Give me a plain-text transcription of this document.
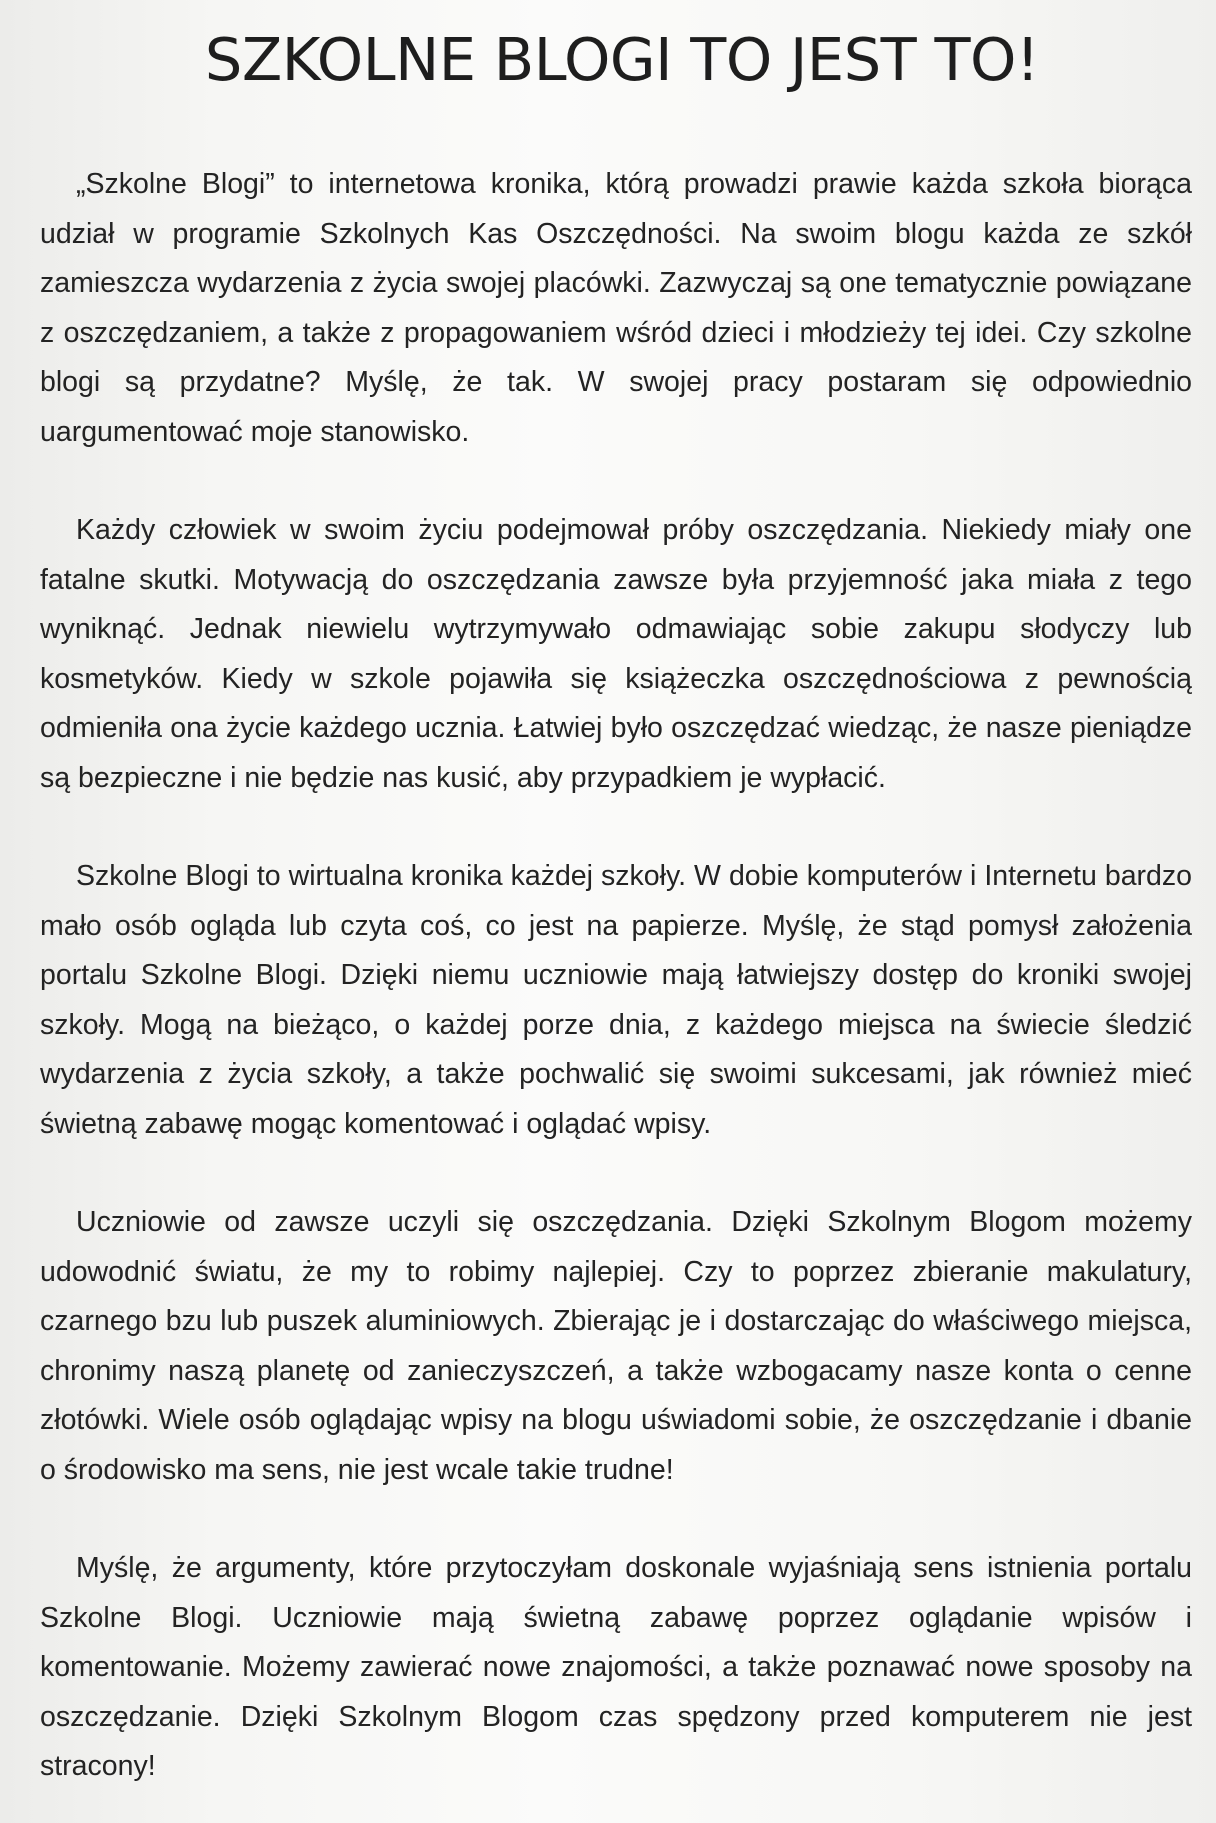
SZKOLNE BLOGI TO JEST TO!

„Szkolne Blogi” to internetowa kronika, którą prowadzi prawie każda szkoła biorąca udział w programie Szkolnych Kas Oszczędności. Na swoim blogu każda ze szkół zamieszcza wydarzenia z życia swojej placówki. Zazwyczaj są one tematycznie powiązane z oszczędzaniem, a także z propagowaniem wśród dzieci i młodzieży tej idei. Czy szkolne blogi są przydatne? Myślę, że tak. W swojej pracy postaram się odpowiednio uargumentować moje stanowisko.

Każdy człowiek w swoim życiu podejmował próby oszczędzania. Niekiedy miały one fatalne skutki. Motywacją do oszczędzania zawsze była przyjemność jaka miała z tego wyniknąć. Jednak niewielu wytrzymywało odmawiając sobie zakupu słodyczy lub kosmetyków. Kiedy w szkole pojawiła się książeczka oszczędnościowa z pewnością odmieniła ona życie każdego ucznia. Łatwiej było oszczędzać wiedząc, że nasze pieniądze są bezpieczne i nie będzie nas kusić, aby przypadkiem je wypłacić.

Szkolne Blogi to wirtualna kronika każdej szkoły. W dobie komputerów i Internetu bardzo mało osób ogląda lub czyta coś, co jest na papierze. Myślę, że stąd pomysł założenia portalu Szkolne Blogi. Dzięki niemu uczniowie mają łatwiejszy dostęp do kroniki swojej szkoły. Mogą na bieżąco, o każdej porze dnia, z każdego miejsca na świecie śledzić wydarzenia z życia szkoły, a także pochwalić się swoimi sukcesami, jak również mieć świetną zabawę mogąc komentować i oglądać wpisy.

Uczniowie od zawsze uczyli się oszczędzania. Dzięki Szkolnym Blogom możemy udowodnić światu, że my to robimy najlepiej. Czy to poprzez zbieranie makulatury, czarnego bzu lub puszek aluminiowych. Zbierając je i dostarczając do właściwego miejsca, chronimy naszą planetę od zanieczyszczeń, a także wzbogacamy nasze konta o cenne złotówki. Wiele osób oglądając wpisy na blogu uświadomi sobie, że oszczędzanie i dbanie o środowisko ma sens, nie jest wcale takie trudne!

Myślę, że argumenty, które przytoczyłam doskonale wyjaśniają sens istnienia portalu Szkolne Blogi. Uczniowie mają świetną zabawę poprzez oglądanie wpisów i komentowanie. Możemy zawierać nowe znajomości, a także poznawać nowe sposoby na oszczędzanie. Dzięki Szkolnym Blogom czas spędzony przed komputerem nie jest stracony!
